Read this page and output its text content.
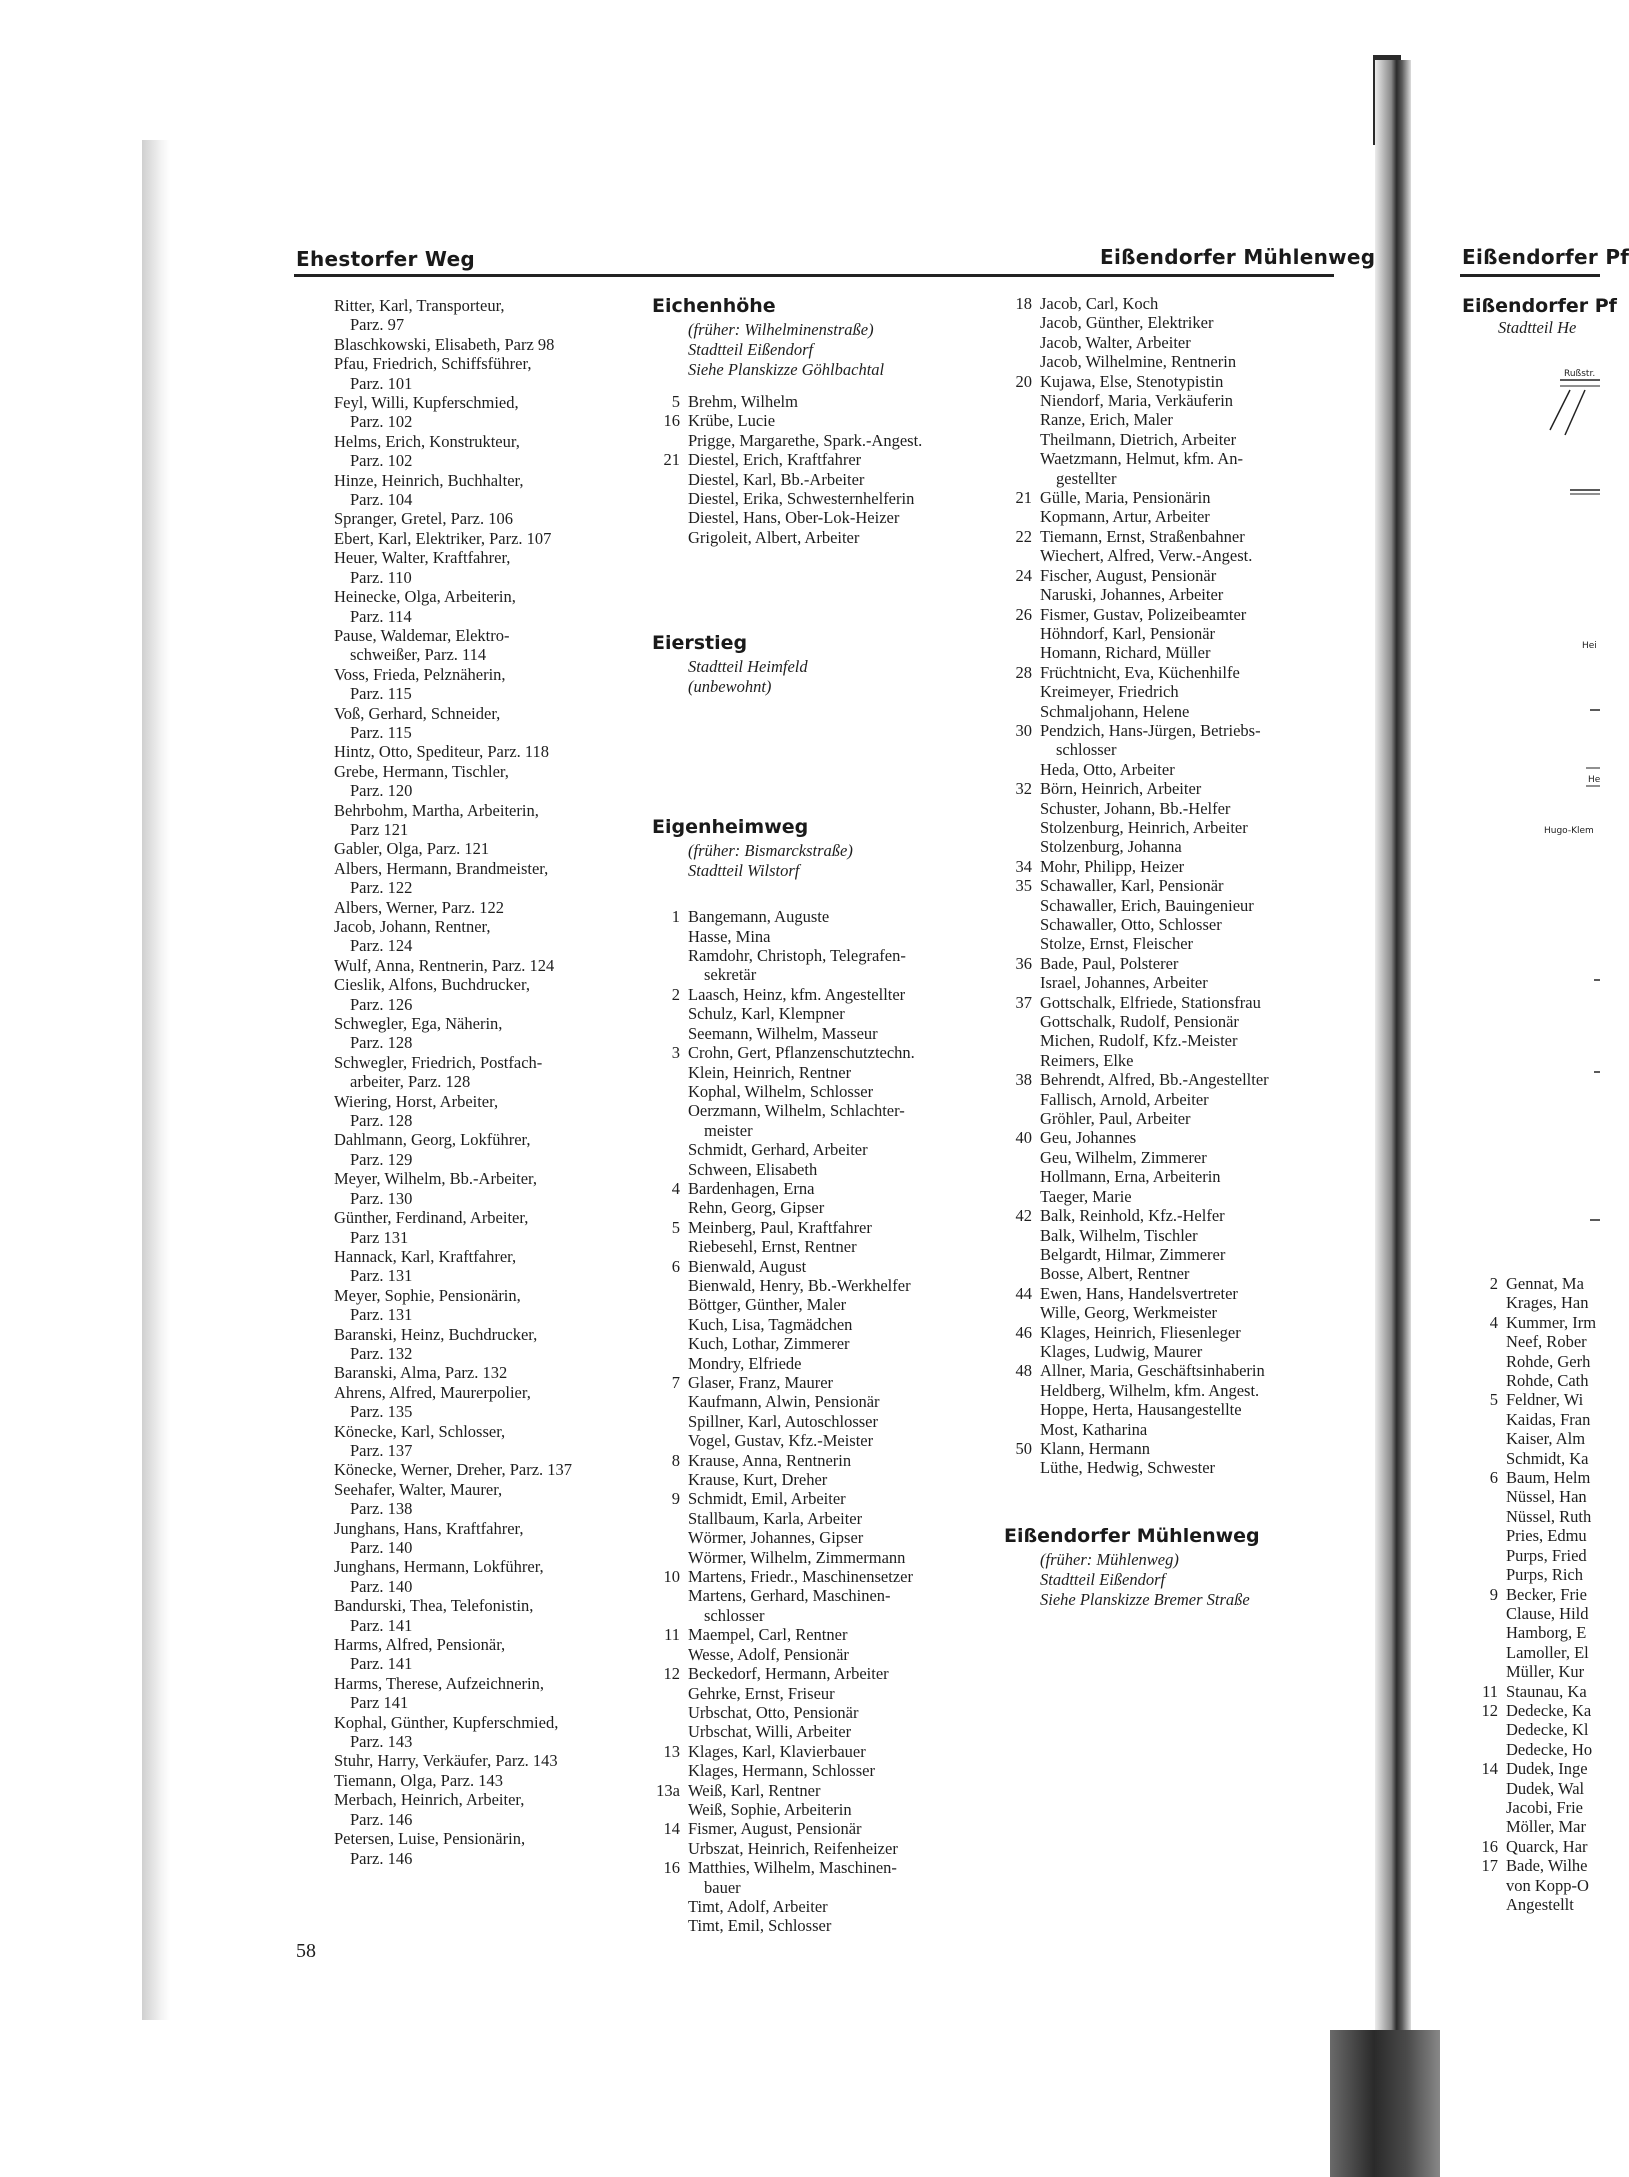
Ehestorfer Weg	Eißendorfer Mühlenweg	Eißendorfer Pf
Ritter, Karl, Transporteur,
Parz. 97
Blaschkowski, Elisabeth, Parz 98
Pfau, Friedrich, Schiffsführer,
Parz. 101
Feyl, Willi, Kupferschmied,
Parz. 102
Helms, Erich, Konstrukteur,
Parz. 102
Hinze, Heinrich, Buchhalter,
Parz. 104
Spranger, Gretel, Parz. 106
Ebert, Karl, Elektriker, Parz. 107
Heuer, Walter, Kraftfahrer,
Parz. 110
Heinecke, Olga, Arbeiterin,
Parz. 114
Pause, Waldemar, Elektro-
schweißer, Parz. 114
Voss, Frieda, Pelznäherin,
Parz. 115
Voß, Gerhard, Schneider,
Parz. 115
Hintz, Otto, Spediteur, Parz. 118
Grebe, Hermann, Tischler,
Parz. 120
Behrbohm, Martha, Arbeiterin,
Parz 121
Gabler, Olga, Parz. 121
Albers, Hermann, Brandmeister,
Parz. 122
Albers, Werner, Parz. 122
Jacob, Johann, Rentner,
Parz. 124
Wulf, Anna, Rentnerin, Parz. 124
Cieslik, Alfons, Buchdrucker,
Parz. 126
Schwegler, Ega, Näherin,
Parz. 128
Schwegler, Friedrich, Postfach-
arbeiter, Parz. 128
Wiering, Horst, Arbeiter,
Parz. 128
Dahlmann, Georg, Lokführer,
Parz. 129
Meyer, Wilhelm, Bb.-Arbeiter,
Parz. 130
Günther, Ferdinand, Arbeiter,
Parz 131
Hannack, Karl, Kraftfahrer,
Parz. 131
Meyer, Sophie, Pensionärin,
Parz. 131
Baranski, Heinz, Buchdrucker,
Parz. 132
Baranski, Alma, Parz. 132
Ahrens, Alfred, Maurerpolier,
Parz. 135
Könecke, Karl, Schlosser,
Parz. 137
Könecke, Werner, Dreher, Parz. 137
Seehafer, Walter, Maurer,
Parz. 138
Junghans, Hans, Kraftfahrer,
Parz. 140
Junghans, Hermann, Lokführer,
Parz. 140
Bandurski, Thea, Telefonistin,
Parz. 141
Harms, Alfred, Pensionär,
Parz. 141
Harms, Therese, Aufzeichnerin,
Parz 141
Kophal, Günther, Kupferschmied,
Parz. 143
Stuhr, Harry, Verkäufer, Parz. 143
Tiemann, Olga, Parz. 143
Merbach, Heinrich, Arbeiter,
Parz. 146
Petersen, Luise, Pensionärin,
Parz. 146
Eichenhöhe
(früher: Wilhelminenstraße)
Stadtteil Eißendorf
Siehe Planskizze Göhlbachtal
5 Brehm, Wilhelm
16 Krübe, Lucie
Prigge, Margarethe, Spark.-Angest.
21 Diestel, Erich, Kraftfahrer
Diestel, Karl, Bb.-Arbeiter
Diestel, Erika, Schwesternhelferin
Diestel, Hans, Ober-Lok-Heizer
Grigoleit, Albert, Arbeiter
Eierstieg
Stadtteil Heimfeld
(unbewohnt)
Eigenheimweg
(früher: Bismarckstraße)
Stadtteil Wilstorf
1 Bangemann, Auguste
Hasse, Mina
Ramdohr, Christoph, Telegrafen-
sekretär
2 Laasch, Heinz, kfm. Angestellter
Schulz, Karl, Klempner
Seemann, Wilhelm, Masseur
3 Crohn, Gert, Pflanzenschutztechn.
Klein, Heinrich, Rentner
Kophal, Wilhelm, Schlosser
Oerzmann, Wilhelm, Schlachter-
meister
Schmidt, Gerhard, Arbeiter
Schween, Elisabeth
4 Bardenhagen, Erna
Rehn, Georg, Gipser
5 Meinberg, Paul, Kraftfahrer
Riebesehl, Ernst, Rentner
6 Bienwald, August
Bienwald, Henry, Bb.-Werkhelfer
Böttger, Günther, Maler
Kuch, Lisa, Tagmädchen
Kuch, Lothar, Zimmerer
Mondry, Elfriede
7 Glaser, Franz, Maurer
Kaufmann, Alwin, Pensionär
Spillner, Karl, Autoschlosser
Vogel, Gustav, Kfz.-Meister
8 Krause, Anna, Rentnerin
Krause, Kurt, Dreher
9 Schmidt, Emil, Arbeiter
Stallbaum, Karla, Arbeiter
Wörmer, Johannes, Gipser
Wörmer, Wilhelm, Zimmermann
10 Martens, Friedr., Maschinensetzer
Martens, Gerhard, Maschinen-
schlosser
11 Maempel, Carl, Rentner
Wesse, Adolf, Pensionär
12 Beckedorf, Hermann, Arbeiter
Gehrke, Ernst, Friseur
Urbschat, Otto, Pensionär
Urbschat, Willi, Arbeiter
13 Klages, Karl, Klavierbauer
Klages, Hermann, Schlosser
13a Weiß, Karl, Rentner
Weiß, Sophie, Arbeiterin
14 Fismer, August, Pensionär
Urbszat, Heinrich, Reifenheizer
16 Matthies, Wilhelm, Maschinen-
bauer
Timt, Adolf, Arbeiter
Timt, Emil, Schlosser
18 Jacob, Carl, Koch
Jacob, Günther, Elektriker
Jacob, Walter, Arbeiter
Jacob, Wilhelmine, Rentnerin
20 Kujawa, Else, Stenotypistin
Niendorf, Maria, Verkäuferin
Ranze, Erich, Maler
Theilmann, Dietrich, Arbeiter
Waetzmann, Helmut, kfm. An-
gestellter
21 Gülle, Maria, Pensionärin
Kopmann, Artur, Arbeiter
22 Tiemann, Ernst, Straßenbahner
Wiechert, Alfred, Verw.-Angest.
24 Fischer, August, Pensionär
Naruski, Johannes, Arbeiter
26 Fismer, Gustav, Polizeibeamter
Höhndorf, Karl, Pensionär
Homann, Richard, Müller
28 Früchtnicht, Eva, Küchenhilfe
Kreimeyer, Friedrich
Schmaljohann, Helene
30 Pendzich, Hans-Jürgen, Betriebs-
schlosser
Heda, Otto, Arbeiter
32 Börn, Heinrich, Arbeiter
Schuster, Johann, Bb.-Helfer
Stolzenburg, Heinrich, Arbeiter
Stolzenburg, Johanna
34 Mohr, Philipp, Heizer
35 Schawaller, Karl, Pensionär
Schawaller, Erich, Bauingenieur
Schawaller, Otto, Schlosser
Stolze, Ernst, Fleischer
36 Bade, Paul, Polsterer
Israel, Johannes, Arbeiter
37 Gottschalk, Elfriede, Stationsfrau
Gottschalk, Rudolf, Pensionär
Michen, Rudolf, Kfz.-Meister
Reimers, Elke
38 Behrendt, Alfred, Bb.-Angestellter
Fallisch, Arnold, Arbeiter
Gröhler, Paul, Arbeiter
40 Geu, Johannes
Geu, Wilhelm, Zimmerer
Hollmann, Erna, Arbeiterin
Taeger, Marie
42 Balk, Reinhold, Kfz.-Helfer
Balk, Wilhelm, Tischler
Belgardt, Hilmar, Zimmerer
Bosse, Albert, Rentner
44 Ewen, Hans, Handelsvertreter
Wille, Georg, Werkmeister
46 Klages, Heinrich, Fliesenleger
Klages, Ludwig, Maurer
48 Allner, Maria, Geschäftsinhaberin
Heldberg, Wilhelm, kfm. Angest.
Hoppe, Herta, Hausangestellte
Most, Katharina
50 Klann, Hermann
Lüthe, Hedwig, Schwester
Eißendorfer Mühlenweg
(früher: Mühlenweg)
Stadtteil Eißendorf
Siehe Planskizze Bremer Straße
Eißendorfer Pf
Stadtteil He
Rußstr.
Hei
He
Hugo-Klem
2 Gennat, Ma
Krages, Han
4 Kummer, Irm
Neef, Rober
Rohde, Gerh
Rohde, Cath
5 Feldner, Wi
Kaidas, Fran
Kaiser, Alm
Schmidt, Ka
6 Baum, Helm
Nüssel, Han
Nüssel, Ruth
Pries, Edmu
Purps, Fried
Purps, Rich
9 Becker, Frie
Clause, Hild
Hamborg, E
Lamoller, El
Müller, Kur
11 Staunau, Ka
12 Dedecke, Ka
Dedecke, Kl
Dedecke, Ho
14 Dudek, Inge
Dudek, Wal
Jacobi, Frie
Möller, Mar
16 Quarck, Har
17 Bade, Wilhe
von Kopp-O
Angestellt
58
